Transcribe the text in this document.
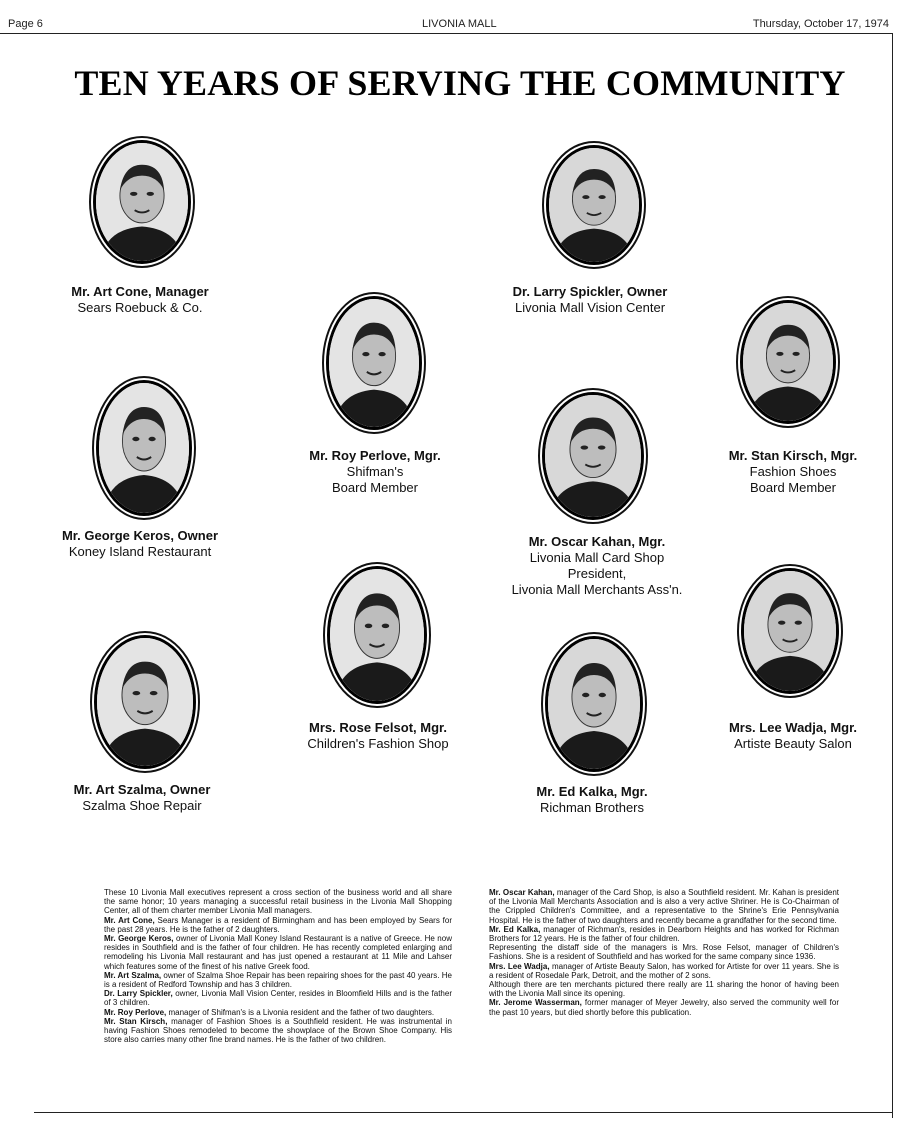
Page 6	LIVONIA MALL	Thursday, October 17, 1974
TEN YEARS OF SERVING THE COMMUNITY
Mr. Art Cone, Manager
Sears Roebuck & Co.
Dr. Larry Spickler, Owner
Livonia Mall Vision Center
Mr. Roy Perlove, Mgr.
Shifman's
Board Member
Mr. Stan Kirsch, Mgr.
Fashion Shoes
Board Member
Mr. George Keros, Owner
Koney Island Restaurant
Mr. Oscar Kahan, Mgr.
Livonia Mall Card Shop
President,
Livonia Mall Merchants Ass'n.
Mrs. Rose Felsot, Mgr.
Children's Fashion Shop
Mrs. Lee Wadja, Mgr.
Artiste Beauty Salon
Mr. Art Szalma, Owner
Szalma Shoe Repair
Mr. Ed Kalka, Mgr.
Richman Brothers

These 10 Livonia Mall executives represent a cross section of the business world and all share the same honor; 10 years managing a successful retail business in the Livonia Mall Shopping Center, all of them charter member Livonia Mall managers.

Mr. Art Cone, Sears Manager is a resident of Birmingham and has been employed by Sears for the past 28 years. He is the father of 2 daughters.

Mr. George Keros, owner of Livonia Mall Koney Island Restaurant is a native of Greece. He now resides in Southfield and is the father of four children. He has recently completed enlarging and remodeling his Livonia Mall restaurant and has just opened a restaurant at 11 Mile and Lahser which features some of the finest of his native Greek food.

Mr. Art Szalma, owner of Szalma Shoe Repair has been repairing shoes for the past 40 years. He is a resident of Redford Township and has 3 children.

Dr. Larry Spickler, owner, Livonia Mall Vision Center, resides in Bloomfield Hills and is the father of 3 children.

Mr. Roy Perlove, manager of Shifman's is a Livonia resident and the father of two daughters.

Mr. Stan Kirsch, manager of Fashion Shoes is a Southfield resident. He was instrumental in having Fashion Shoes remodeled to become the showplace of the Brown Shoe Company. His store also carries many other fine brand names. He is the father of two children.

Mr. Oscar Kahan, manager of the Card Shop, is also a Southfield resident. Mr. Kahan is president of the Livonia Mall Merchants Association and is also a very active Shriner. He is Co-Chairman of the Crippled Children's Committee, and a representative to the Shrine's Erie Pennsylvania Hospital. He is the father of two daughters and recently became a grandfather for the second time.

Mr. Ed Kalka, manager of Richman's, resides in Dearborn Heights and has worked for Richman Brothers for 12 years. He is the father of four children.

Representing the distaff side of the managers is Mrs. Rose Felsot, manager of Children's Fashions. She is a resident of Southfield and has worked for the same company since 1936.

Mrs. Lee Wadja, manager of Artiste Beauty Salon, has worked for Artiste for over 11 years. She is a resident of Rosedale Park, Detroit, and the mother of 2 sons.

Although there are ten merchants pictured there really are 11 sharing the honor of having been with the Livonia Mall since its opening.

Mr. Jerome Wasserman, former manager of Meyer Jewelry, also served the community well for the past 10 years, but died shortly before this publication.
